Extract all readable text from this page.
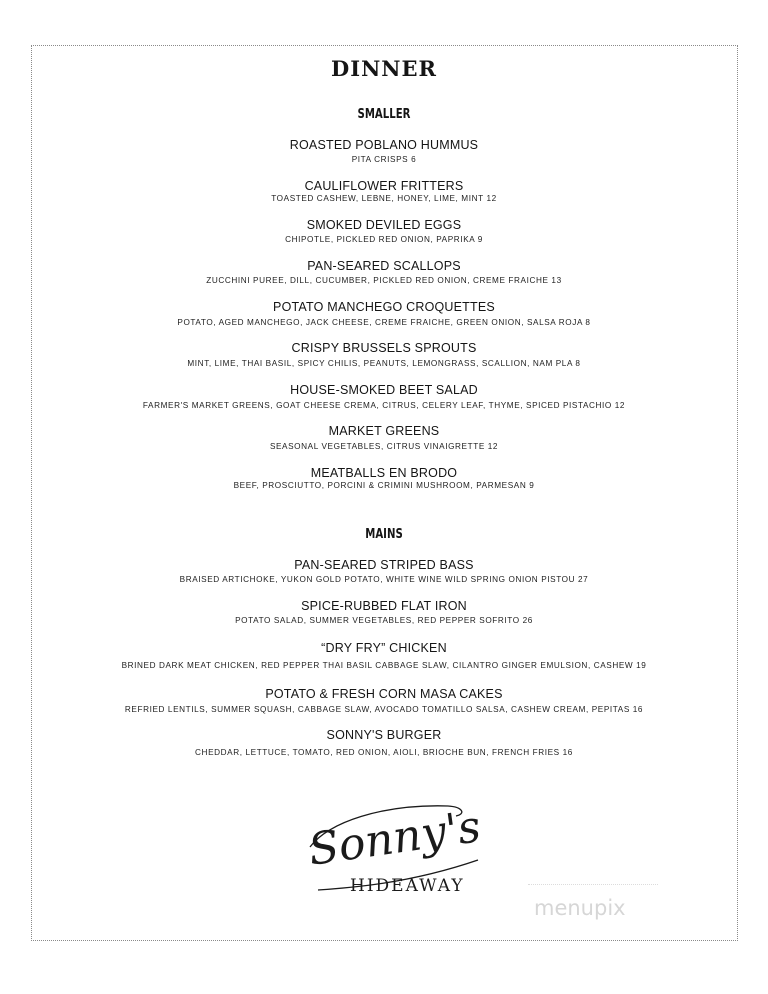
DINNER
SMALLER
ROASTED POBLANO HUMMUS
PITA CRISPS 6
CAULIFLOWER FRITTERS
TOASTED CASHEW, LEBNE, HONEY, LIME, MINT 12
SMOKED DEVILED EGGS
CHIPOTLE, PICKLED RED ONION, PAPRIKA 9
PAN-SEARED SCALLOPS
ZUCCHINI PUREE, DILL, CUCUMBER, PICKLED RED ONION, CREME FRAICHE 13
POTATO MANCHEGO CROQUETTES
POTATO, AGED MANCHEGO, JACK CHEESE, CREME FRAICHE, GREEN ONION, SALSA ROJA 8
CRISPY BRUSSELS SPROUTS
MINT, LIME, THAI BASIL, SPICY CHILIS, PEANUTS, LEMONGRASS, SCALLION, NAM PLA 8
HOUSE-SMOKED BEET SALAD
FARMER'S MARKET GREENS, GOAT CHEESE CREMA, CITRUS, CELERY LEAF, THYME, SPICED PISTACHIO 12
MARKET GREENS
SEASONAL VEGETABLES, CITRUS VINAIGRETTE 12
MEATBALLS EN BRODO
BEEF, PROSCIUTTO, PORCINI & CRIMINI MUSHROOM, PARMESAN 9
MAINS
PAN-SEARED STRIPED BASS
BRAISED ARTICHOKE, YUKON GOLD POTATO, WHITE WINE WILD SPRING ONION PISTOU 27
SPICE-RUBBED FLAT IRON
POTATO SALAD, SUMMER VEGETABLES, RED PEPPER SOFRITO 26
“DRY FRY” CHICKEN
BRINED DARK MEAT CHICKEN, RED PEPPER THAI BASIL CABBAGE SLAW, CILANTRO GINGER EMULSION, CASHEW 19
POTATO & FRESH CORN MASA CAKES
REFRIED LENTILS, SUMMER SQUASH, CABBAGE SLAW, AVOCADO TOMATILLO SALSA, CASHEW CREAM, PEPITAS 16
SONNY'S BURGER
CHEDDAR, LETTUCE, TOMATO, RED ONION, AIOLI, BRIOCHE BUN, FRENCH FRIES 16
Sonny's
HIDEAWAY
menupix
